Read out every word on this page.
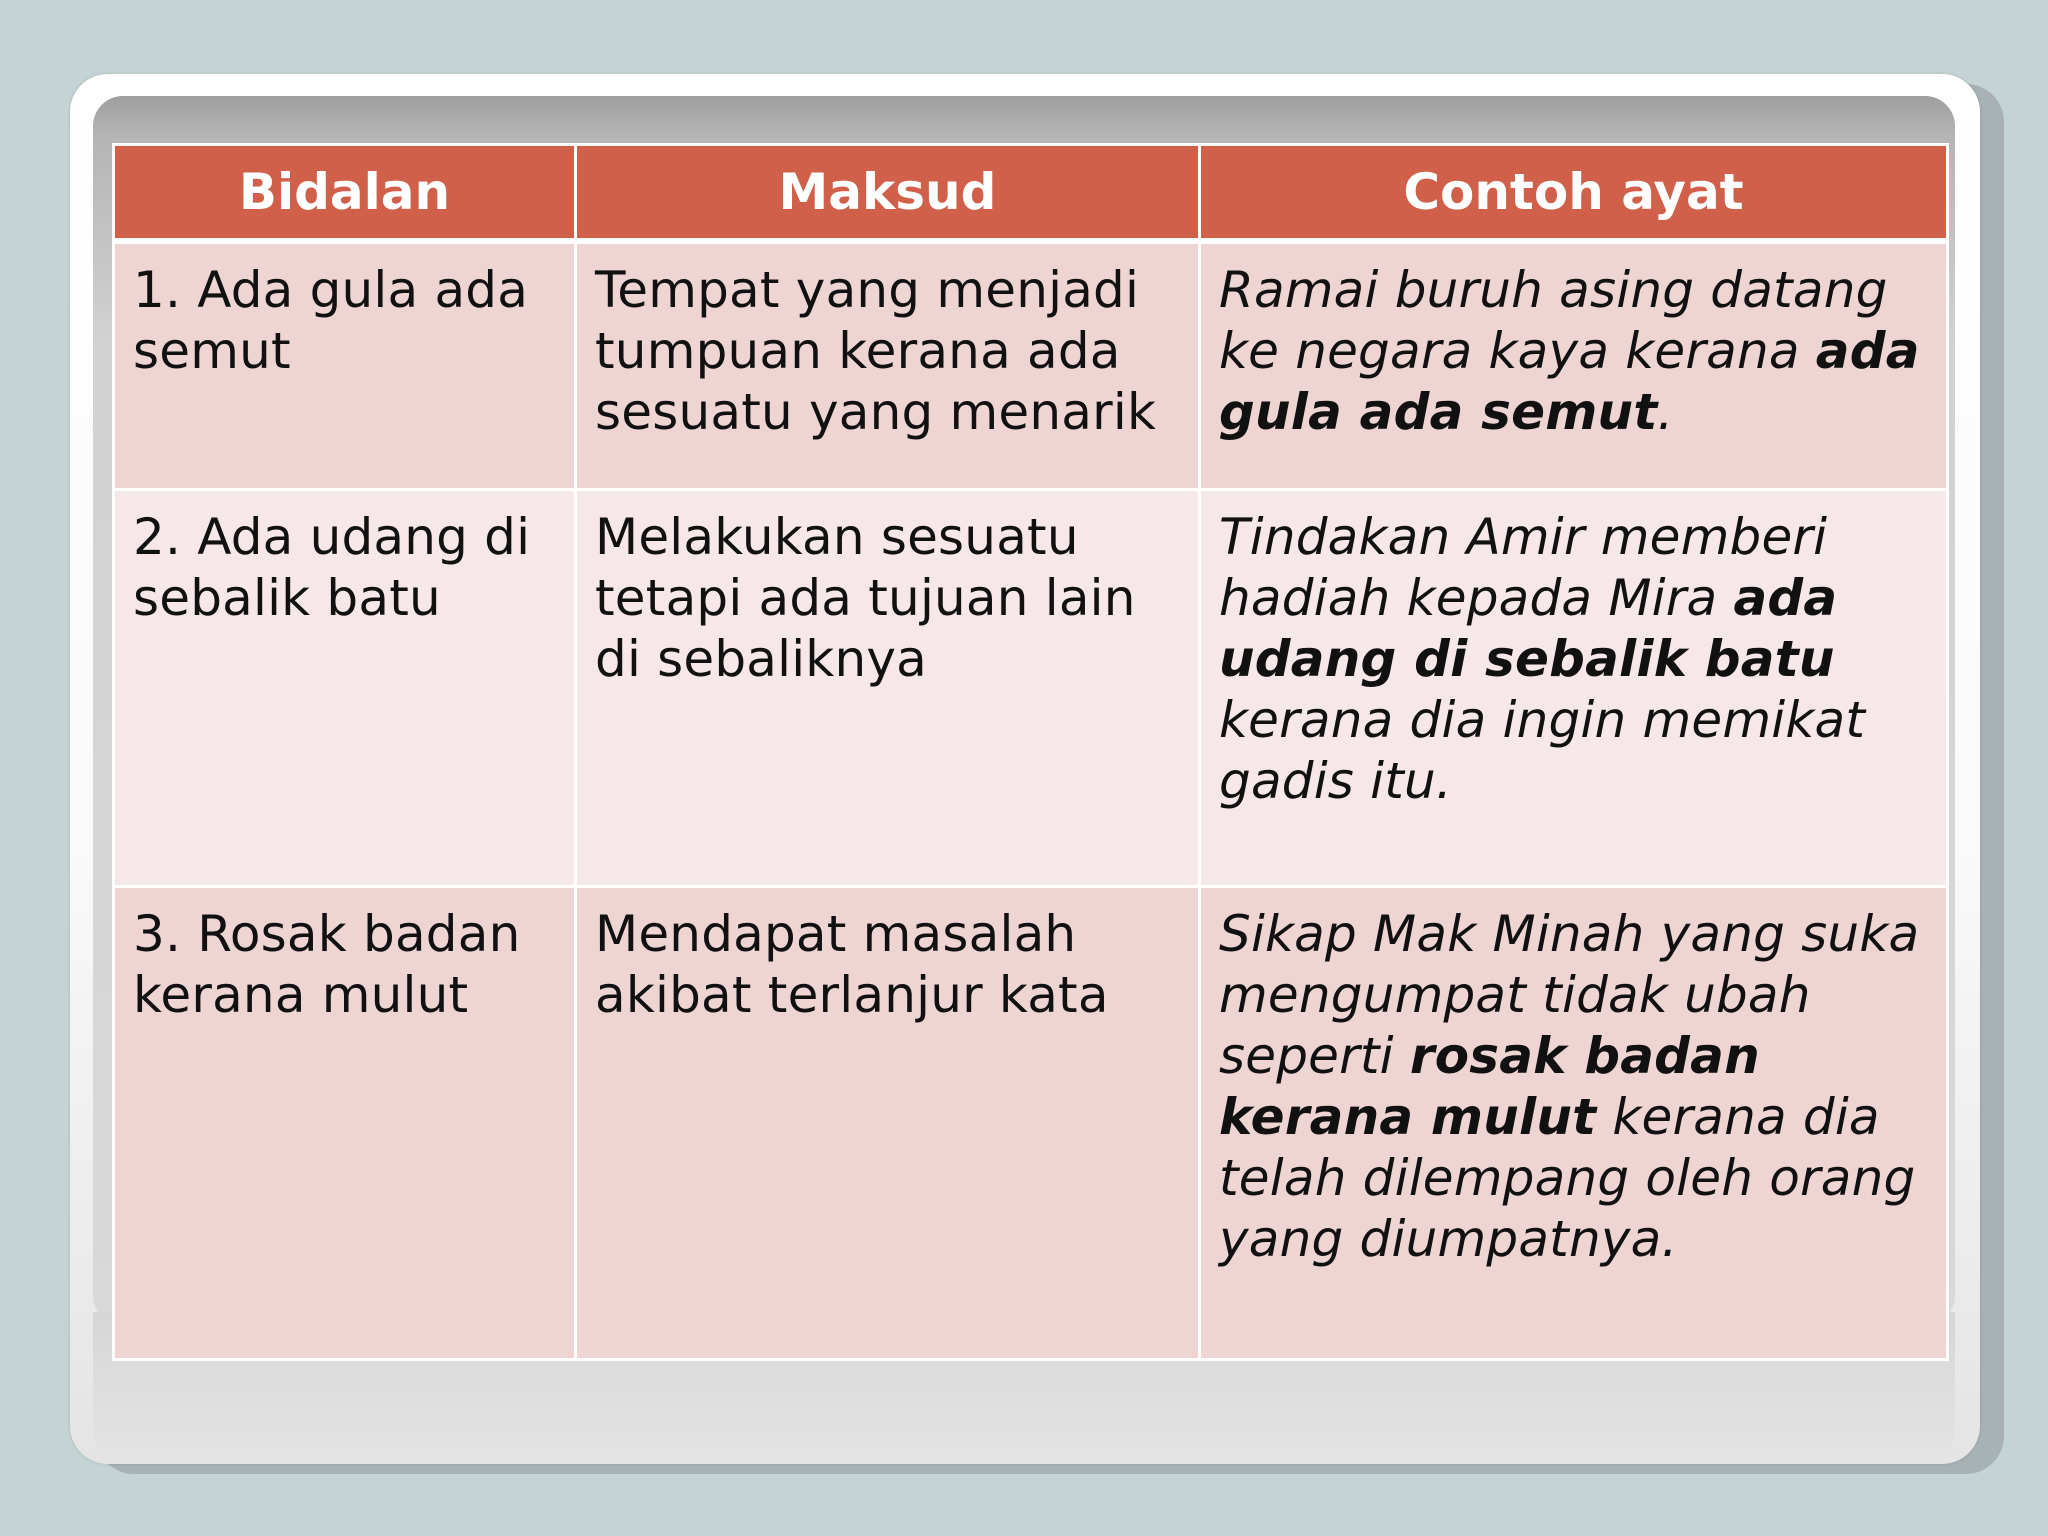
Bidalan	Maksud	Contoh ayat
1. Ada gula ada semut	Tempat yang menjadi tumpuan kerana ada sesuatu yang menarik	Ramai buruh asing datang ke negara kaya kerana ada gula ada semut.
2. Ada udang di sebalik batu	Melakukan sesuatu tetapi ada tujuan lain di sebaliknya	Tindakan Amir memberi hadiah kepada Mira ada udang di sebalik batu kerana dia ingin memikat gadis itu.
3. Rosak badan kerana mulut	Mendapat masalah akibat terlanjur kata	Sikap Mak Minah yang suka mengumpat tidak ubah seperti rosak badan kerana mulut kerana dia telah dilempang oleh orang yang diumpatnya.
